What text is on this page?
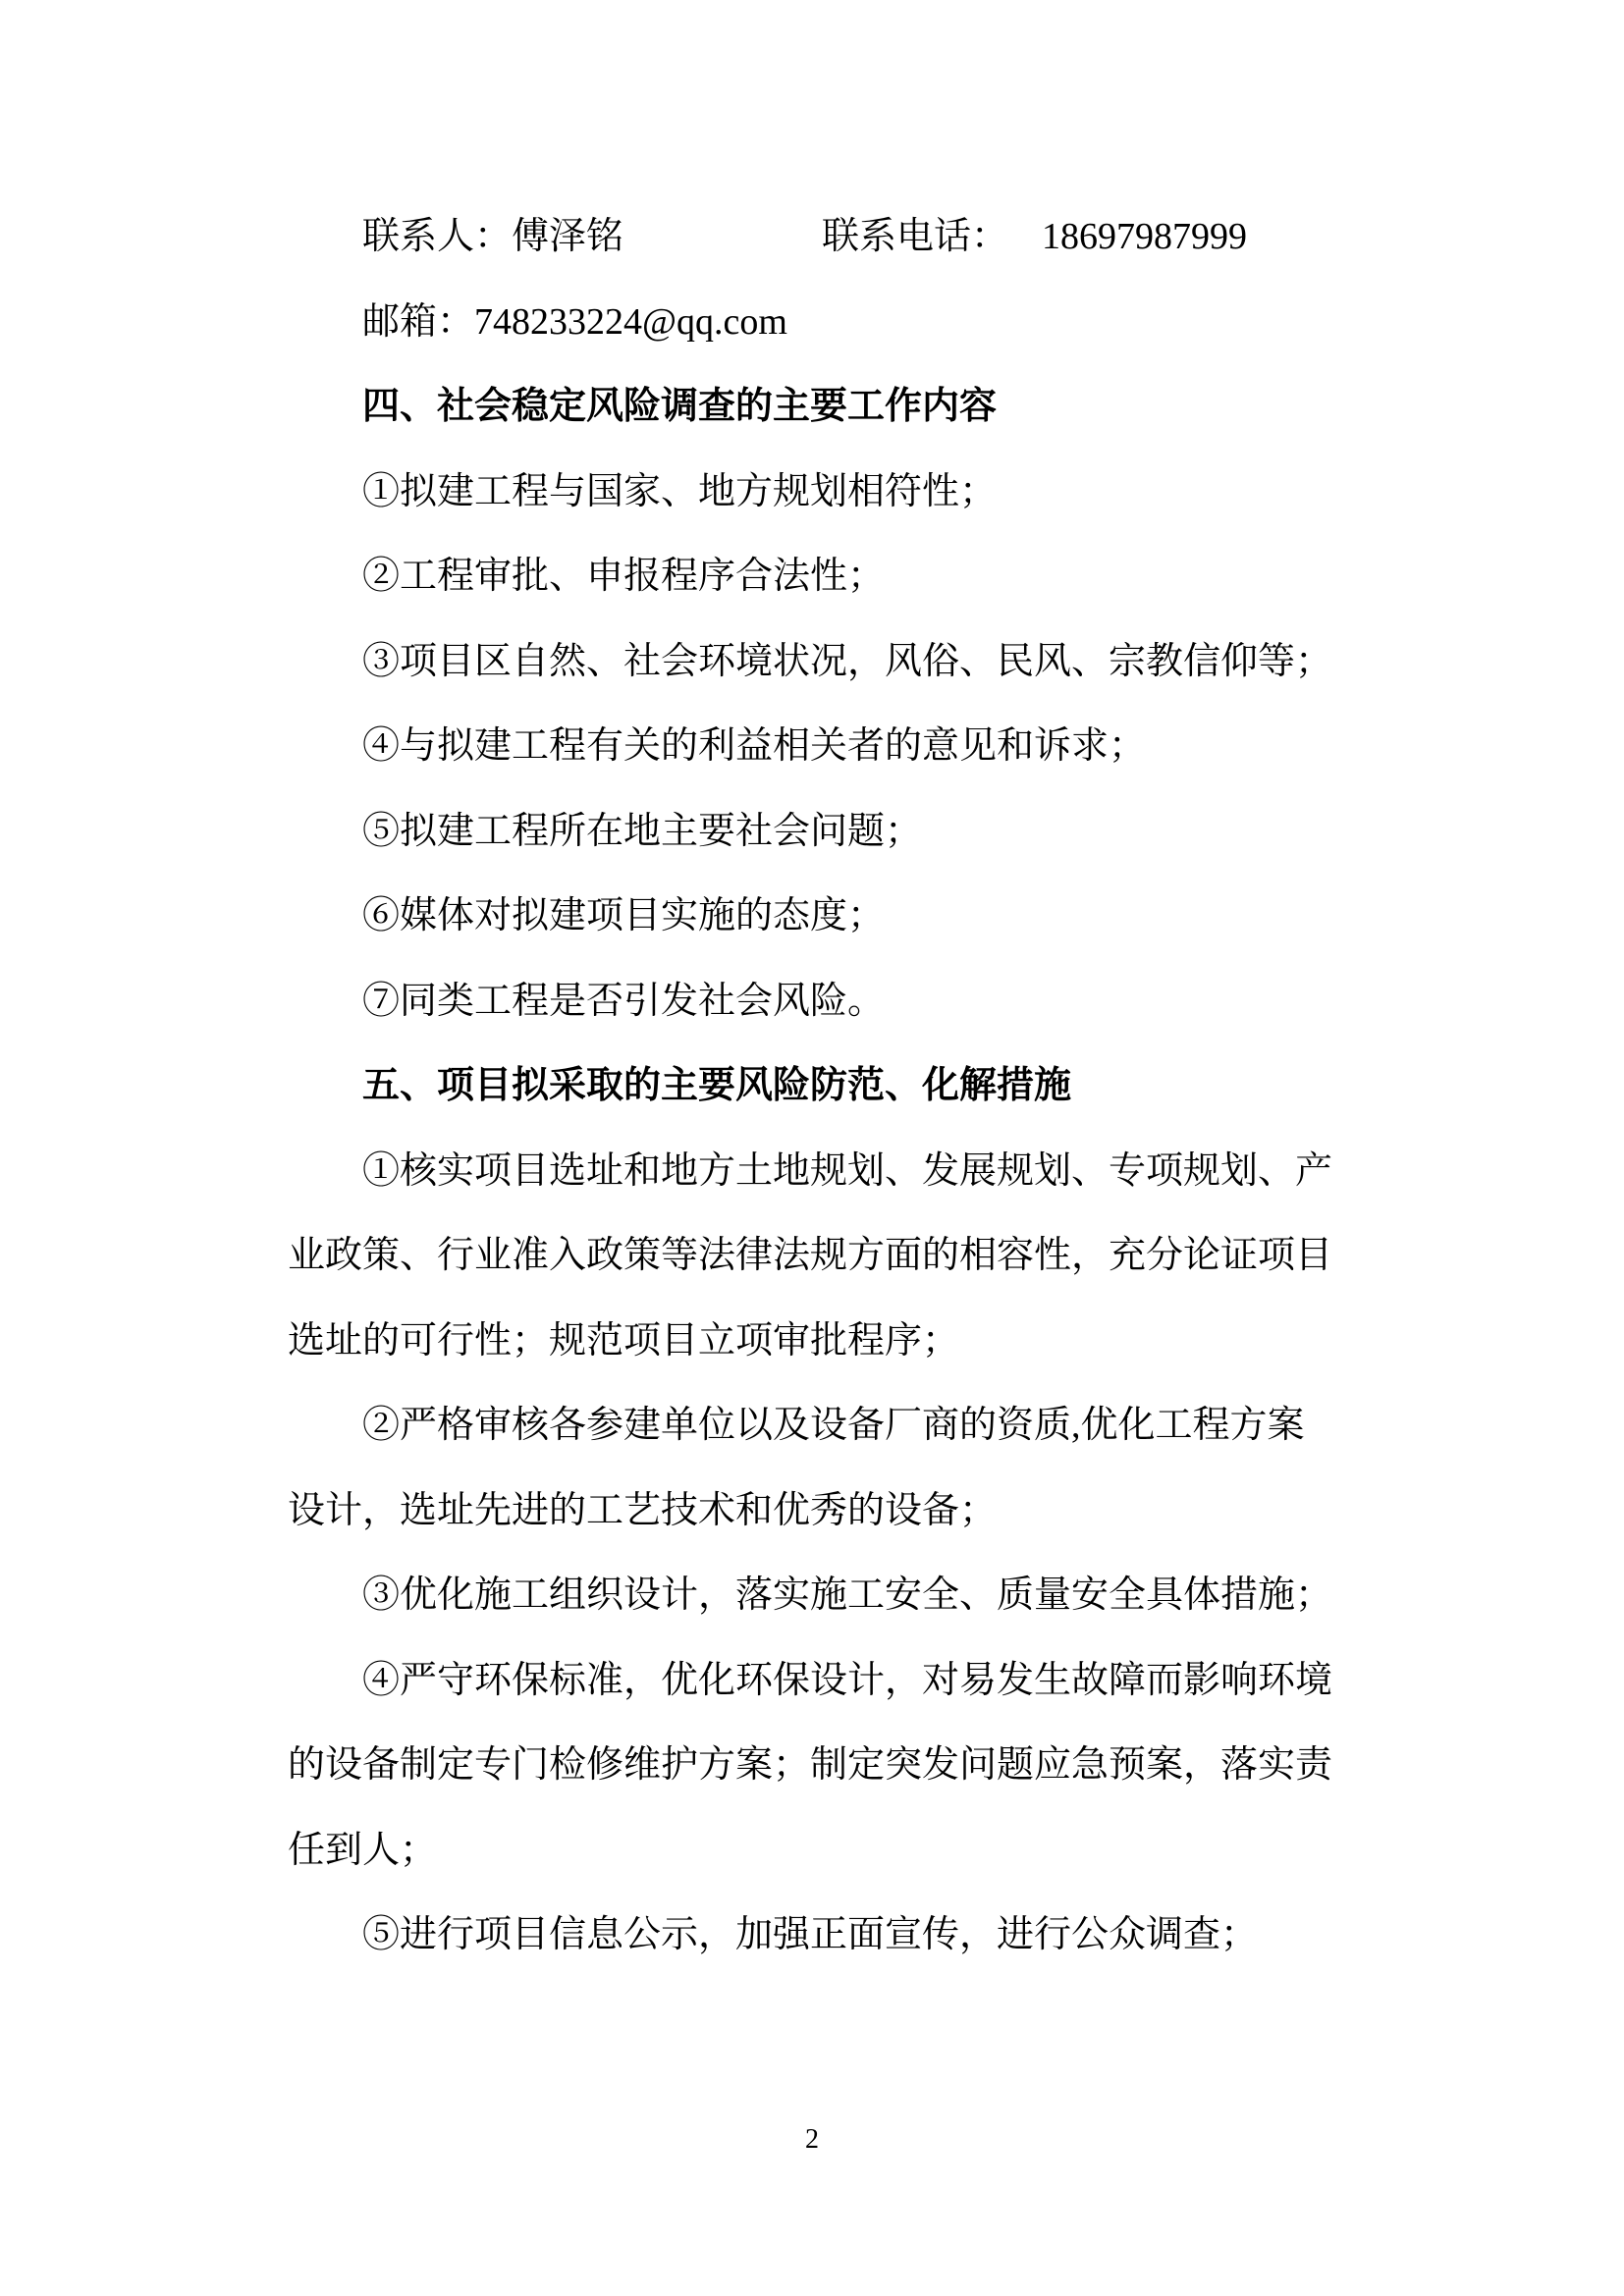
联系人：傅泽铭	联系电话： 18697987999
邮箱：748233224@qq.com
四、社会稳定风险调查的主要工作内容
①拟建工程与国家、地方规划相符性；
②工程审批、申报程序合法性；
③项目区自然、社会环境状况，风俗、民风、宗教信仰等；
④与拟建工程有关的利益相关者的意见和诉求；
⑤拟建工程所在地主要社会问题；
⑥媒体对拟建项目实施的态度；
⑦同类工程是否引发社会风险。
五、项目拟采取的主要风险防范、化解措施
①核实项目选址和地方土地规划、发展规划、专项规划、产
业政策、行业准入政策等法律法规方面的相容性，充分论证项目
选址的可行性；规范项目立项审批程序；
②严格审核各参建单位以及设备厂商的资质,优化工程方案
设计，选址先进的工艺技术和优秀的设备；
③优化施工组织设计，落实施工安全、质量安全具体措施；
④严守环保标准，优化环保设计，对易发生故障而影响环境
的设备制定专门检修维护方案；制定突发问题应急预案，落实责
任到人；
⑤进行项目信息公示，加强正面宣传，进行公众调查；
2
